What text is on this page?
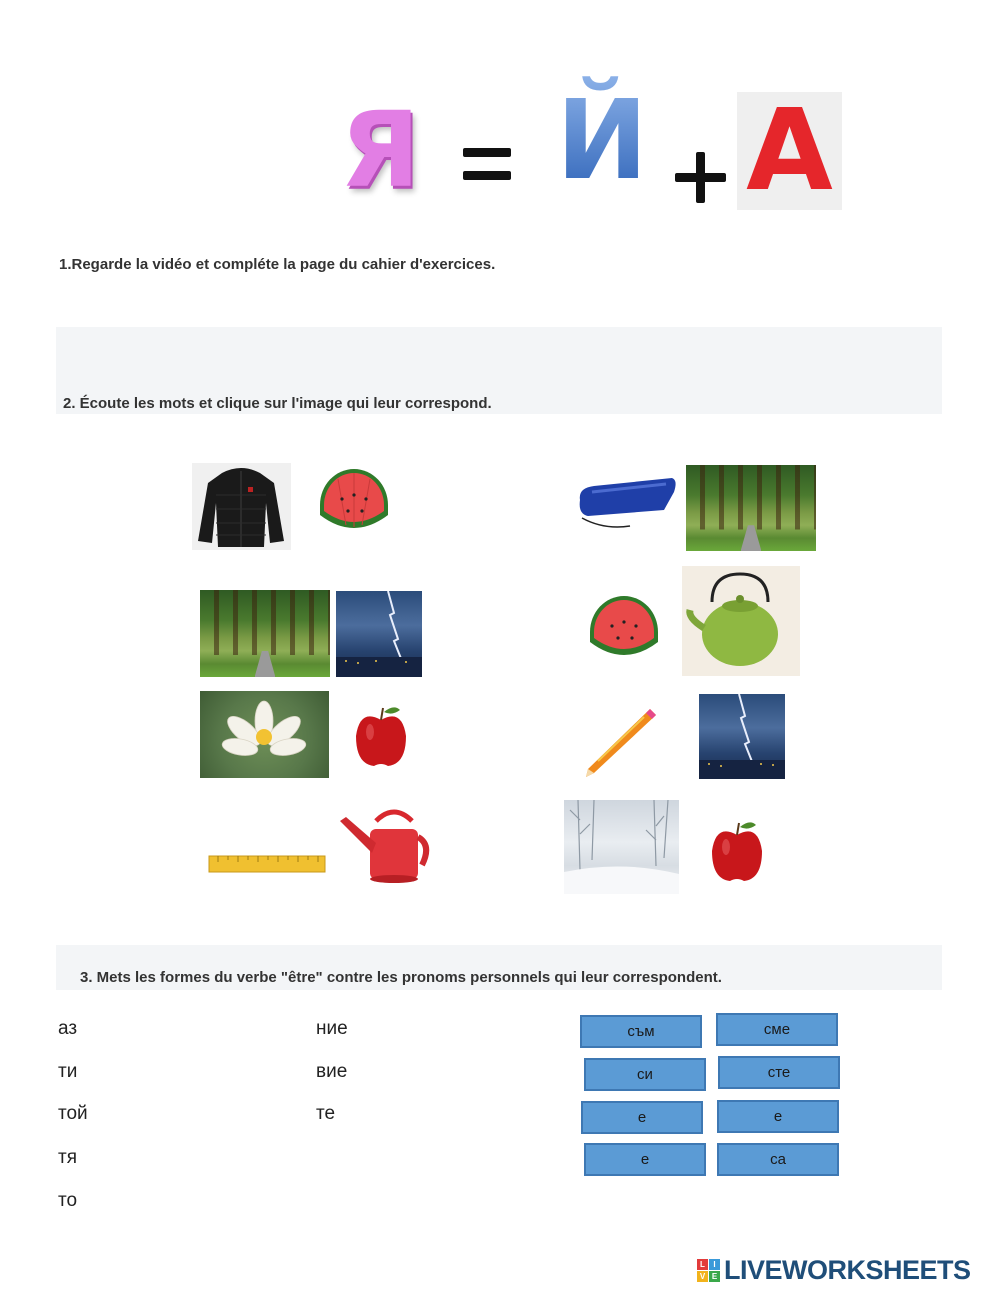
Я Й А
1.Regarde la vidéo et compléte la page du cahier d'exercices.
2. Écoute les mots et clique sur l'image qui leur correspond.
3. Mets les formes du verbe "être" contre les pronoms personnels qui leur correspondent.
аз
ти
той
тя
то
ние
вие
те
съм	сме
си	сте
е	е
е	са
L	I
V E LIVEWORKSHEETS
